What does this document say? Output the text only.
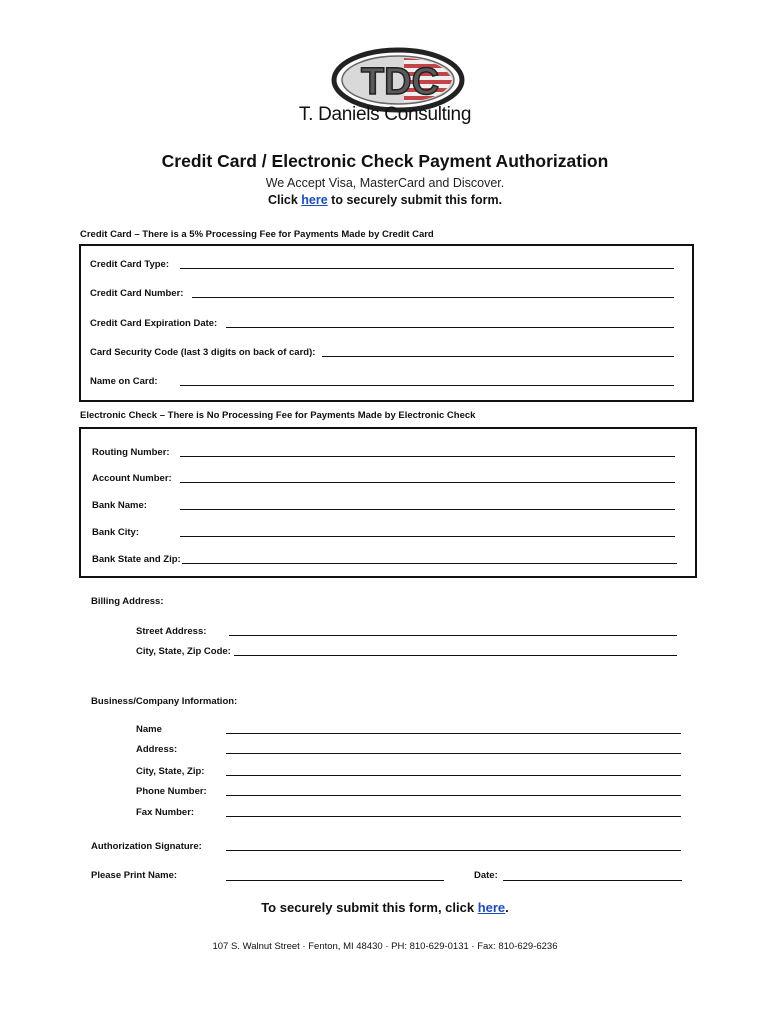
TDC
T. Daniels Consulting
Credit Card / Electronic Check Payment Authorization
We Accept Visa, MasterCard and Discover.
Click here to securely submit this form.
Credit Card – There is a 5% Processing Fee for Payments Made by Credit Card
Credit Card Type:
Credit Card Number:
Credit Card Expiration Date:
Card Security Code (last 3 digits on back of card):
Name on Card:
Electronic Check – There is No Processing Fee for Payments Made by Electronic Check
Routing Number:
Account Number:
Bank Name:
Bank City:
Bank State and Zip:
Billing Address:
Street Address:
City, State, Zip Code:
Business/Company Information:
Name
Address:
City, State, Zip:
Phone Number:
Fax Number:
Authorization Signature:
Please Print Name:	Date:
To securely submit this form, click here.
107 S. Walnut Street · Fenton, MI 48430 · PH: 810-629-0131 · Fax: 810-629-6236
